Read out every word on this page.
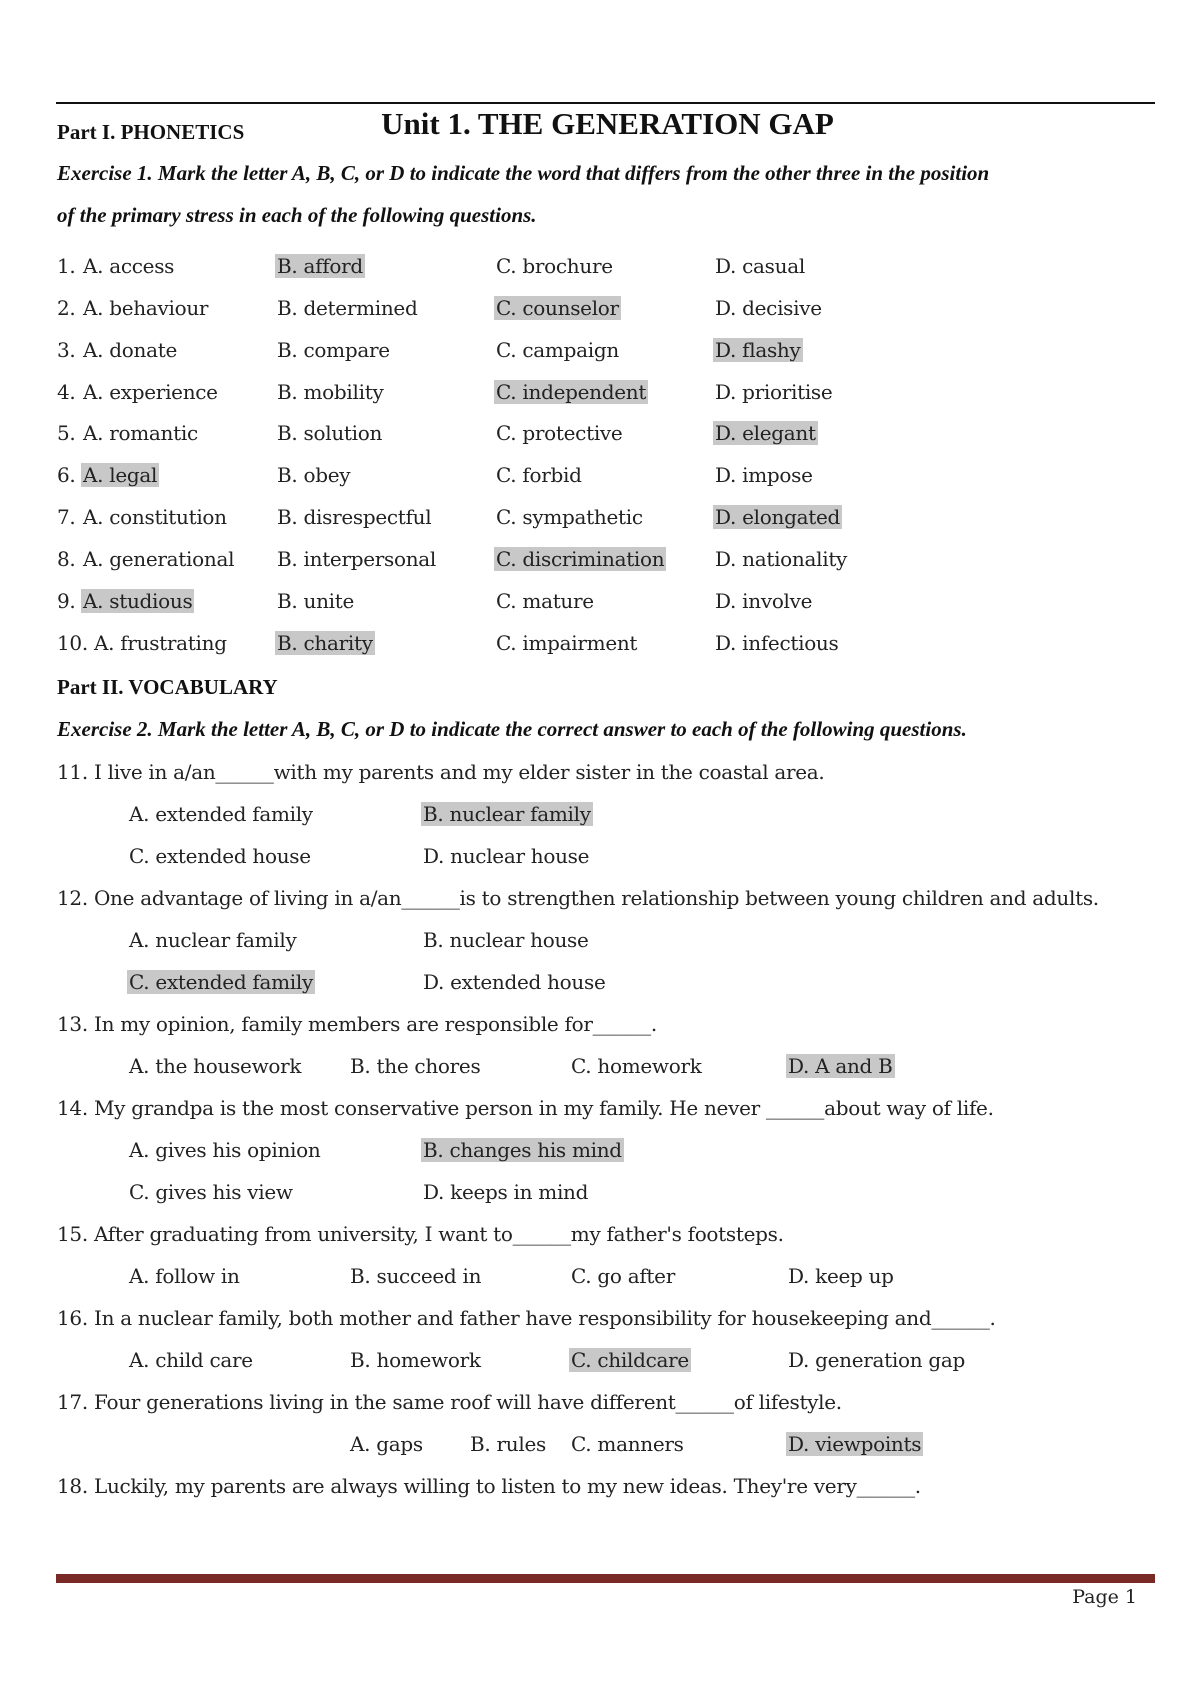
Unit 1. THE GENERATION GAP
Part I. PHONETICS
Exercise 1. Mark the letter A, B, C, or D to indicate the word that differs from the other three in the position
of the primary stress in each of the following questions.
1. A. access	B. afford	C. brochure	D. casual
2. A. behaviour	B. determined	C. counselor	D. decisive
3. A. donate	B. compare	C. campaign	D. flashy
4. A. experience	B. mobility	C. independent	D. prioritise
5. A. romantic	B. solution	C. protective	D. elegant
6. A. legal	B. obey	C. forbid	D. impose
7. A. constitution	B. disrespectful	C. sympathetic	D. elongated
8. A. generational B. interpersonal	C. discrimination	D. nationality
9. A. studious	B. unite	C. mature	D. involve
10. A. frustrating	B. charity	C. impairment	D. infectious
Part II. VOCABULARY
Exercise 2. Mark the letter A, B, C, or D to indicate the correct answer to each of the following questions.
11. I live in a/an______with my parents and my elder sister in the coastal area.
A. extended family	B. nuclear family
C. extended house	D. nuclear house
12. One advantage of living in a/an______is to strengthen relationship between young children and adults.
A. nuclear family	B. nuclear house
C. extended family	D. extended house
13. In my opinion, family members are responsible for______.
A. the housework B. the chores	C. homework	D. A and B
14. My grandpa is the most conservative person in my family. He never ______about way of life.
A. gives his opinion	B. changes his mind
C. gives his view	D. keeps in mind
15. After graduating from university, I want to______my father's footsteps.
A. follow in	B. succeed in	C. go after	D. keep up
16. In a nuclear family, both mother and father have responsibility for housekeeping and______.
A. child care	B. homework	C. childcare	D. generation gap
17. Four generations living in the same roof will have different______of lifestyle.
A. gaps B. rules C. manners	D. viewpoints
18. Luckily, my parents are always willing to listen to my new ideas. They're very______.
Page 1
